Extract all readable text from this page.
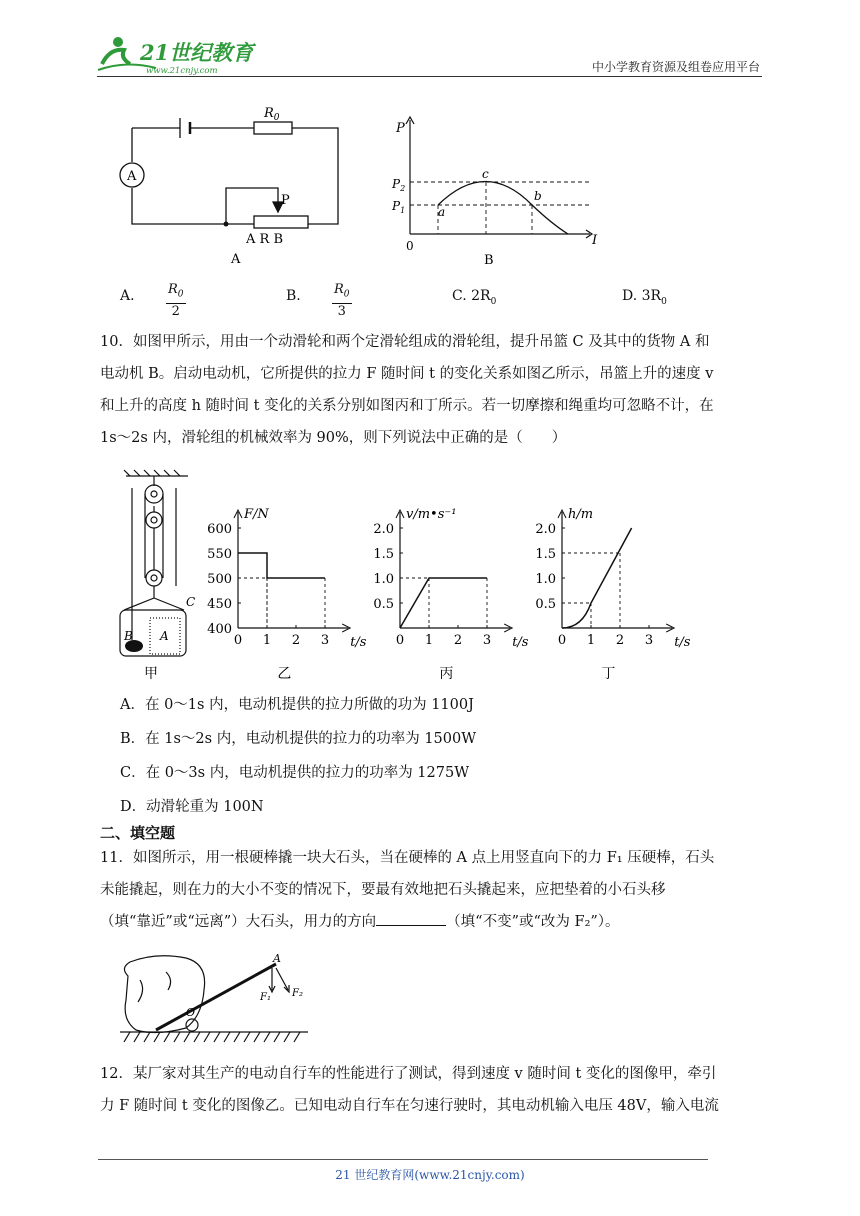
21世纪教育
www.21cnjy.com	中小学教育资源及组卷应用平台
A
$R_0$
P
A R B
A
P
I
0
$P_2$
$P_1$	a
c
b
B
A.	$R_0$
2
B.	$R_0$
3
C. $2R_0$	D. $3R_0$
10．如图甲所示，用由一个动滑轮和两个定滑轮组成的滑轮组，提升吊篮 C 及其中的货物 A 和
电动机 B。启动电动机，它所提供的拉力 F 随时间 t 的变化关系如图乙所示，吊篮上升的速度 v
和上升的高度 h 随时间 t 变化的关系分别如图丙和丁所示。若一切摩擦和绳重均可忽略不计，在
1s～2s 内，滑轮组的机械效率为 90%，则下列说法中正确的是（　　）
C
B A
甲
600
550
500
450
400
0 1 2 3
F/N
t/s
乙
2.0
1.5
1.0
0.5
0 1 2 3
v/m•s⁻¹
t/s
丙
2.0
1.5
1.0
0.5
0 1 2 3
h/m
t/s
丁
A．在 0～1s 内，电动机提供的拉力所做的功为 1100J
B．在 1s～2s 内，电动机提供的拉力的功率为 1500W
C．在 0～3s 内，电动机提供的拉力的功率为 1275W
D．动滑轮重为 100N
二、填空题
11．如图所示，用一根硬棒撬一块大石头，当在硬棒的 A 点上用竖直向下的力 F₁ 压硬棒，石头
未能撬起，则在力的大小不变的情况下，要最有效地把石头撬起来，应把垫着的小石头移
（填“靠近”或“远离”）大石头，用力的方向	（填“不变”或“改为 F₂”）。
A
O
F₁ F₂
12．某厂家对其生产的电动自行车的性能进行了测试，得到速度 v 随时间 t 变化的图像甲，牵引
力 F 随时间 t 变化的图像乙。已知电动自行车在匀速行驶时，其电动机输入电压 48V，输入电流
21 世纪教育网(www.21cnjy.com)
